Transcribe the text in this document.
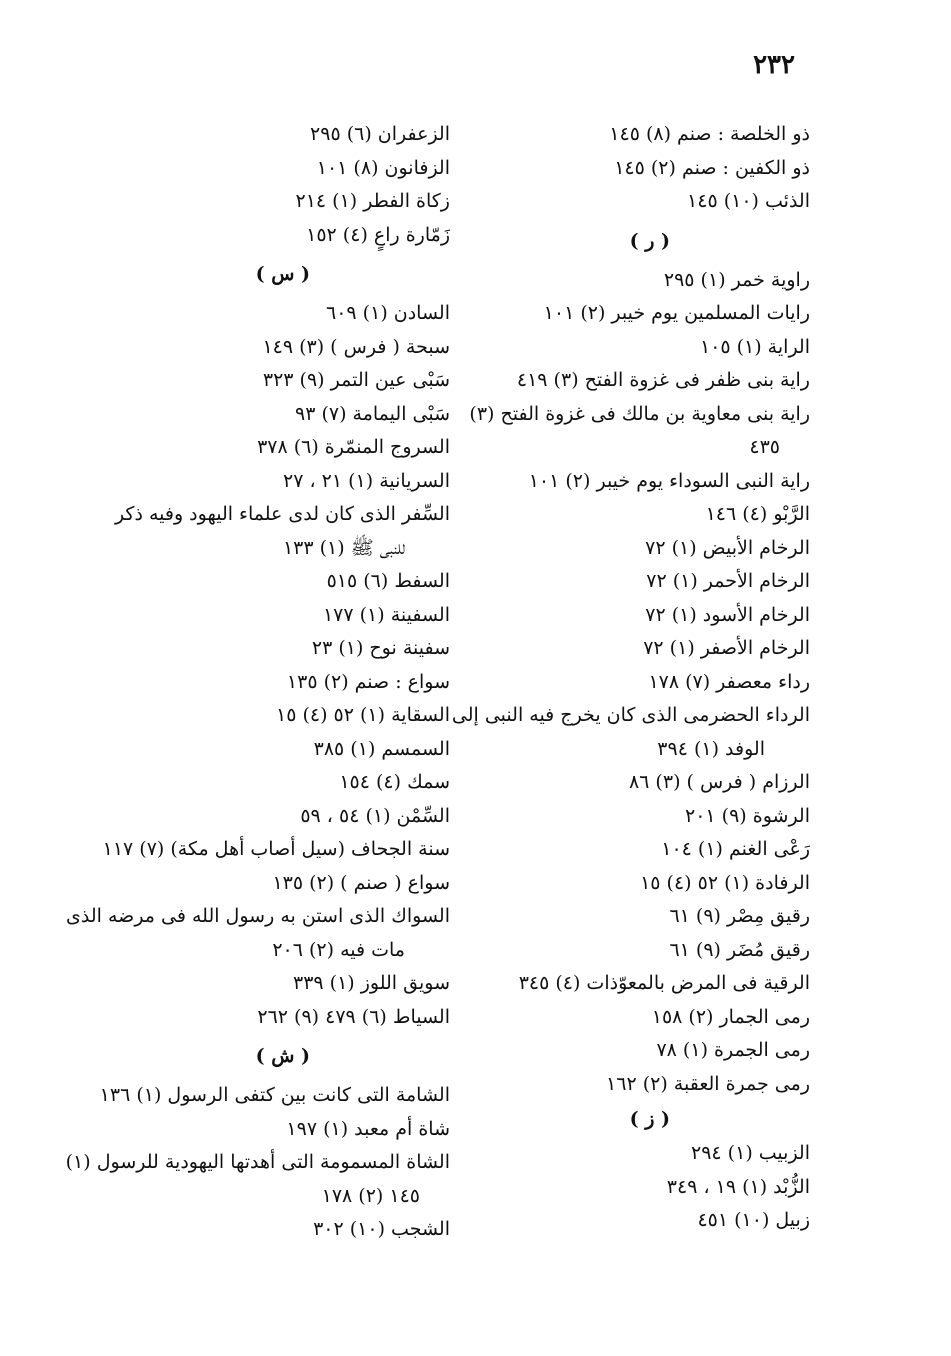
٢٣٢
ذو الخلصة : صنم (٨) ١٤٥
ذو الكفين : صنم (٢) ١٤٥
الذئب (١٠) ١٤٥
( ر )
راوية خمر (١) ٢٩٥
رايات المسلمين يوم خيبر (٢) ١٠١
الراية (١) ١٠٥
راية بنى ظفر فى غزوة الفتح (٣) ٤١٩
راية بنى معاوية بن مالك فى غزوة الفتح (٣)
٤٣٥
راية النبى السوداء يوم خيبر (٢) ١٠١
الرَّبْو (٤) ١٤٦
الرخام الأبيض (١) ٧٢
الرخام الأحمر (١) ٧٢
الرخام الأسود (١) ٧٢
الرخام الأصفر (١) ٧٢
رداء معصفر (٧) ١٧٨
الرداء الحضرمى الذى كان يخرج فيه النبى إلى
الوفد (١) ٣٩٤
الرزام ( فرس ) (٣) ٨٦
الرشوة (٩) ٢٠١
رَعْى الغنم (١) ١٠٤
الرفادة (١) ٥٢ (٤) ١٥
رقيق مِصْر (٩) ٦١
رقيق مُضَر (٩) ٦١
الرقية فى المرض بالمعوّذات (٤) ٣٤٥
رمى الجمار (٢) ١٥٨
رمى الجمرة (١) ٧٨
رمى جمرة العقبة (٢) ١٦٢
( ز )
الزبيب (١) ٢٩٤
الزُّبْد (١) ١٩ ، ٣٤٩
زبيل (١٠) ٤٥١
الزعفران (٦) ٢٩٥
الزفانون (٨) ١٠١
زكاة الفطر (١) ٢١٤
زَمّارة راعٍ (٤) ١٥٢
( س )
السادن (١) ٦٠٩
سبحة ( فرس ) (٣) ١٤٩
سَبْى عين التمر (٩) ٣٢٣
سَبْى اليمامة (٧) ٩٣
السروج المنمّرة (٦) ٣٧٨
السريانية (١) ٢١ ، ٢٧
السِّفر الذى كان لدى علماء اليهود وفيه ذكر
للنبى ﷺ (١) ١٣٣
السفط (٦) ٥١٥
السفينة (١) ١٧٧
سفينة نوح (١) ٢٣
سواع : صنم (٢) ١٣٥
السقاية (١) ٥٢ (٤) ١٥
السمسم (١) ٣٨٥
سمك (٤) ١٥٤
السِّمْن (١) ٥٤ ، ٥٩
سنة الجحاف (سيل أصاب أهل مكة) (٧) ١١٧
سواع ( صنم ) (٢) ١٣٥
السواك الذى استن به رسول الله فى مرضه الذى
مات فيه (٢) ٢٠٦
سويق اللوز (١) ٣٣٩
السياط (٦) ٤٧٩ (٩) ٢٦٢
( ش )
الشامة التى كانت بين كتفى الرسول (١) ١٣٦
شاة أم معبد (١) ١٩٧
الشاة المسمومة التى أهدتها اليهودية للرسول (١)
١٤٥ (٢) ١٧٨
الشجب (١٠) ٣٠٢
